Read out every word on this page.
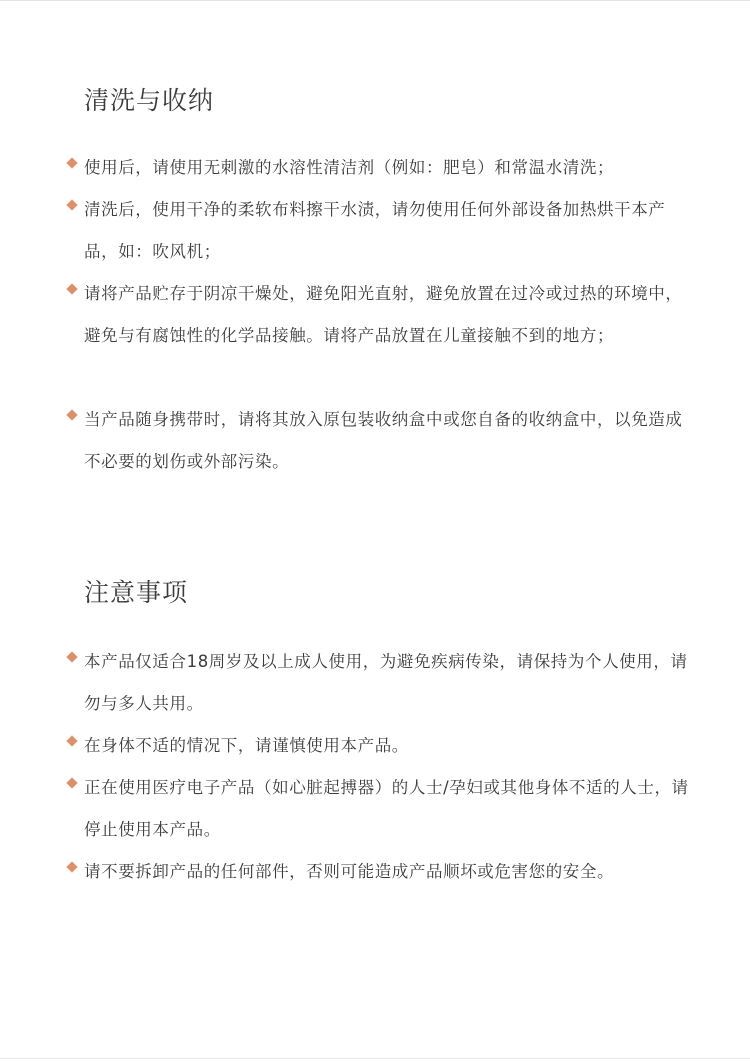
清洗与收纳

使用后，请使用无刺激的水溶性清洁剂（例如：肥皂）和常温水清洗；

清洗后，使用干净的柔软布料擦干水渍，请勿使用任何外部设备加热烘干本产品，如：吹风机；

请将产品贮存于阴凉干燥处，避免阳光直射，避免放置在过冷或过热的环境中，避免与有腐蚀性的化学品接触。请将产品放置在儿童接触不到的地方；

当产品随身携带时，请将其放入原包装收纳盒中或您自备的收纳盒中，以免造成不必要的划伤或外部污染。

注意事项

本产品仅适合18周岁及以上成人使用，为避免疾病传染，请保持为个人使用，请勿与多人共用。

在身体不适的情况下，请谨慎使用本产品。

正在使用医疗电子产品（如心脏起搏器）的人士/孕妇或其他身体不适的人士，请停止使用本产品。

请不要拆卸产品的任何部件，否则可能造成产品顺坏或危害您的安全。
